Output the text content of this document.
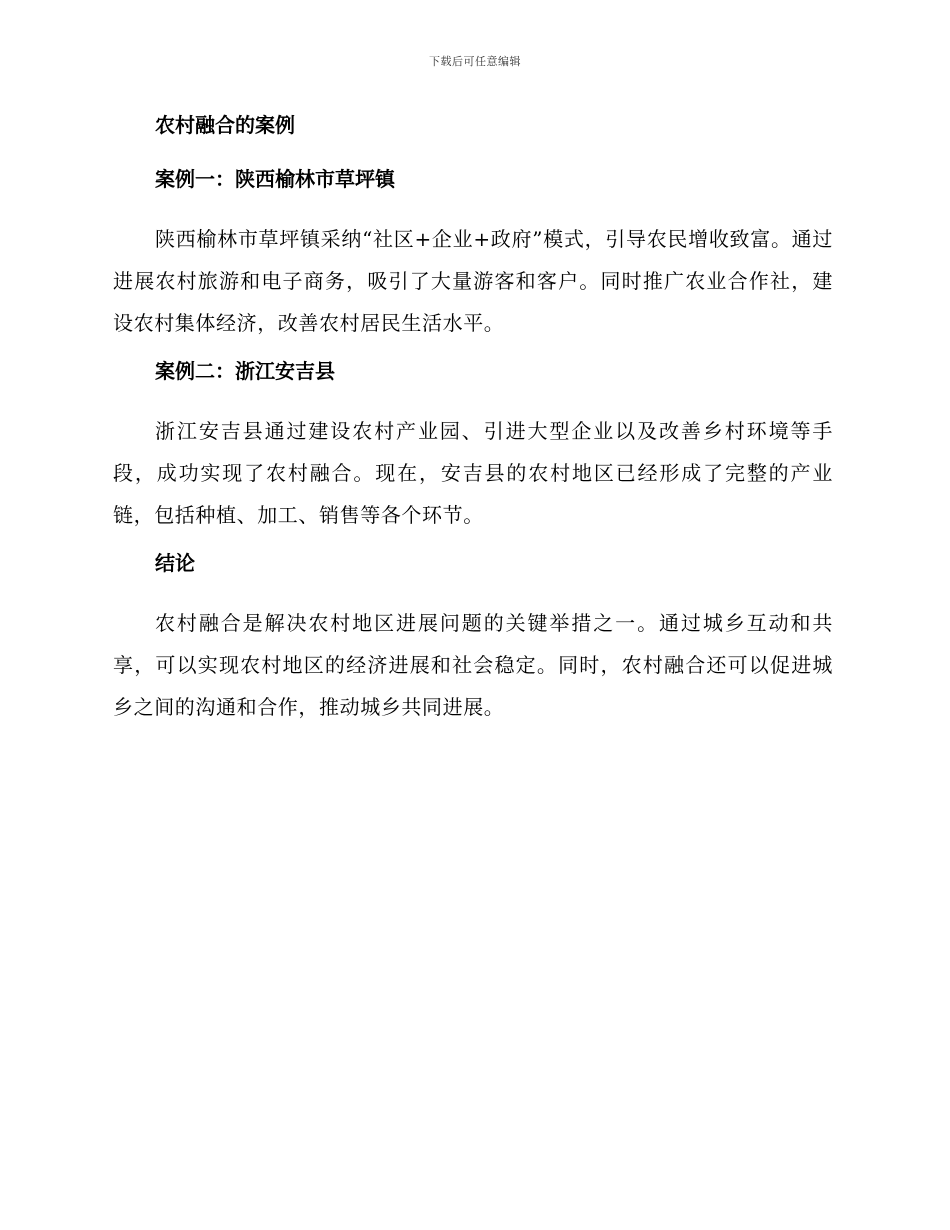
下载后可任意编辑
农村融合的案例
案例一：陕西榆林市草坪镇

陕西榆林市草坪镇采纳“社区+企业+政府”模式，引导农民增收致富。通过进展农村旅游和电子商务，吸引了大量游客和客户。同时推广农业合作社，建设农村集体经济，改善农村居民生活水平。

案例二：浙江安吉县

浙江安吉县通过建设农村产业园、引进大型企业以及改善乡村环境等手段，成功实现了农村融合。现在，安吉县的农村地区已经形成了完整的产业链，包括种植、加工、销售等各个环节。

结论

农村融合是解决农村地区进展问题的关键举措之一。通过城乡互动和共享，可以实现农村地区的经济进展和社会稳定。同时，农村融合还可以促进城乡之间的沟通和合作，推动城乡共同进展。
